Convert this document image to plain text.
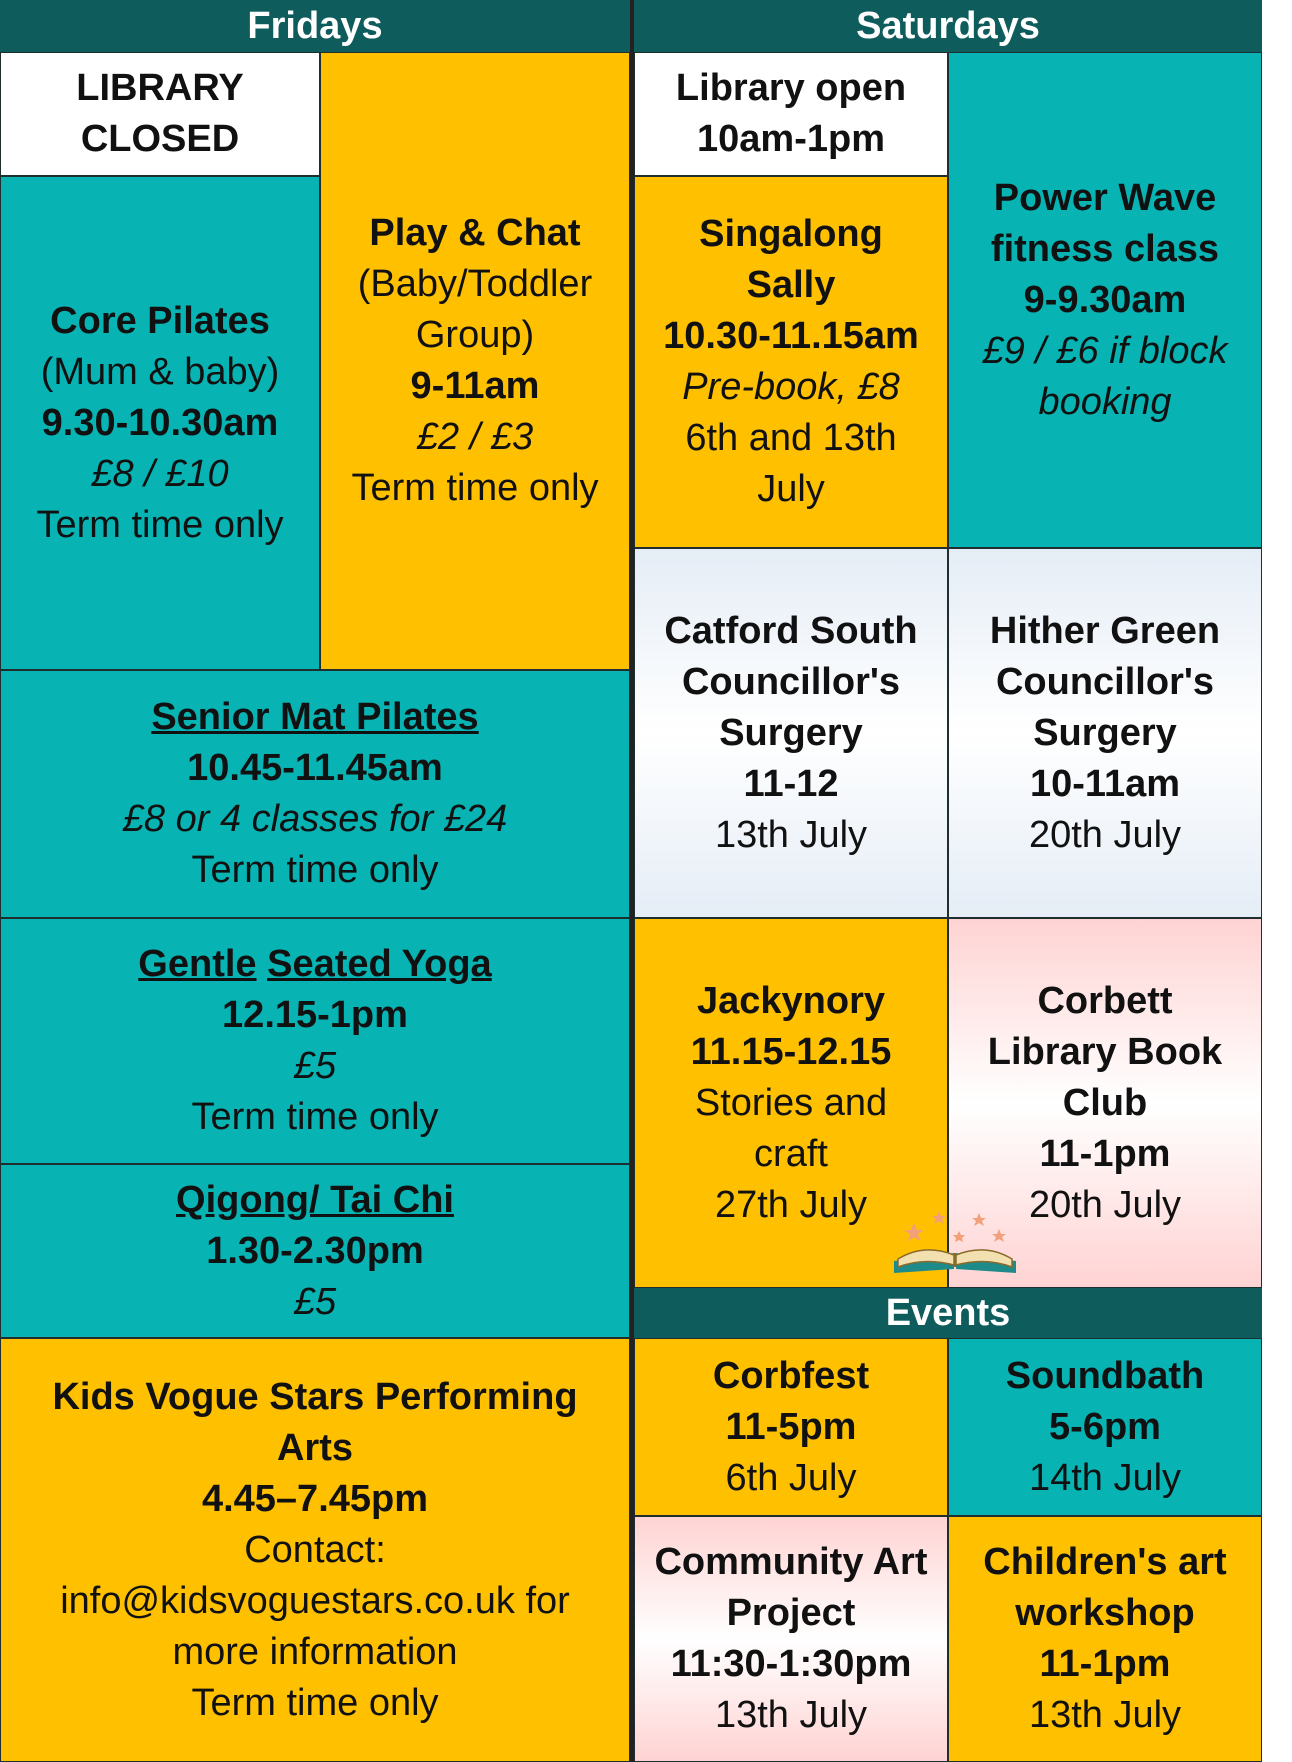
Fridays	Saturdays
LIBRARY
CLOSED
Core Pilates
(Mum & baby)
9.30-10.30am
£8 / £10
Term time only
Play & Chat
(Baby/Toddler
Group)
9-11am
£2 / £3
Term time only
Senior Mat Pilates
10.45-11.45am
£8 or 4 classes for £24
Term time only
Gentle Seated Yoga
12.15-1pm
£5
Term time only
Qigong/ Tai Chi
1.30-2.30pm
£5
Kids Vogue Stars Performing
Arts
4.45–7.45pm
Contact:
info@kidsvoguestars.co.uk for
more information
Term time only
Library open
10am-1pm
Singalong
Sally
10.30-11.15am
Pre-book, £8
6th and 13th
July
Power Wave
fitness class
9-9.30am
£9 / £6 if block
booking
Catford South
Councillor's
Surgery
11-12
13th July
Hither Green
Councillor's
Surgery
10-11am
20th July
Jackynory
11.15-12.15
Stories and
craft
27th July
Corbett
Library Book
Club
11-1pm
20th July
Events
Corbfest
11-5pm
6th July
Soundbath
5-6pm
14th July
Community Art
Project
11:30-1:30pm
13th July
Children's art
workshop
11-1pm
13th July
